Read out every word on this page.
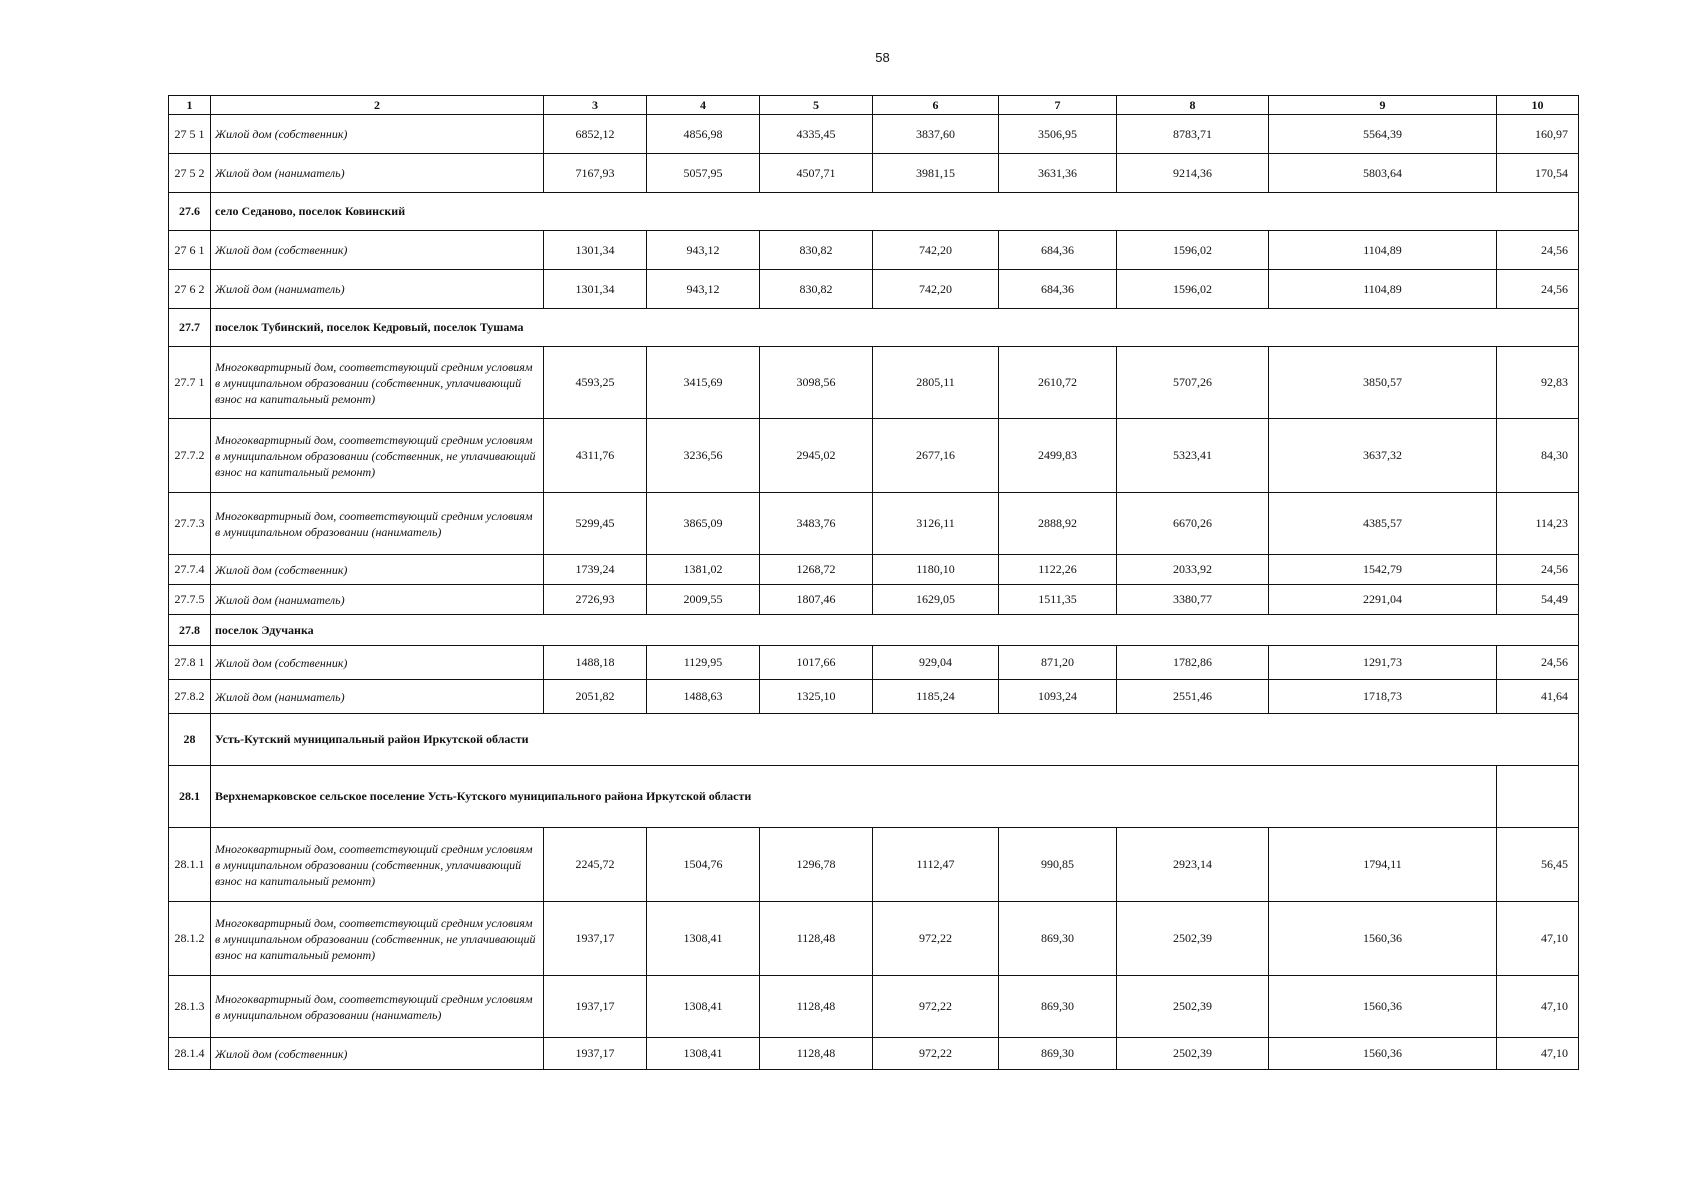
58
1	2	3	4	5	6	7	8	9	10
27 5 1	Жилой дом (собственник)	6852,12	4856,98	4335,45	3837,60	3506,95	8783,71	5564,39	160,97
27 5 2	Жилой дом (наниматель)	7167,93	5057,95	4507,71	3981,15	3631,36	9214,36	5803,64	170,54
27.6	село Седаново, поселок Ковинский								
27 6 1	Жилой дом (собственник)	1301,34	943,12	830,82	742,20	684,36	1596,02	1104,89	24,56
27 6 2	Жилой дом (наниматель)	1301,34	943,12	830,82	742,20	684,36	1596,02	1104,89	24,56
27.7	поселок Тубинский, поселок Кедровый, поселок Тушама								
27.7 1	Многоквартирный дом, соответствующий средним условиям в муниципальном образовании (собственник, уплачивающий взнос на капитальный ремонт)	4593,25	3415,69	3098,56	2805,11	2610,72	5707,26	3850,57	92,83
27.7.2	Многоквартирный дом, соответствующий средним условиям в муниципальном образовании (собственник, не уплачивающий взнос на капитальный ремонт)	4311,76	3236,56	2945,02	2677,16	2499,83	5323,41	3637,32	84,30
27.7.3	Многоквартирный дом, соответствующий средним условиям в муниципальном образовании (наниматель)	5299,45	3865,09	3483,76	3126,11	2888,92	6670,26	4385,57	114,23
27.7.4	Жилой дом (собственник)	1739,24	1381,02	1268,72	1180,10	1122,26	2033,92	1542,79	24,56
27.7.5	Жилой дом (наниматель)	2726,93	2009,55	1807,46	1629,05	1511,35	3380,77	2291,04	54,49
27.8	поселок Эдучанка								
27.8 1	Жилой дом (собственник)	1488,18	1129,95	1017,66	929,04	871,20	1782,86	1291,73	24,56
27.8.2	Жилой дом (наниматель)	2051,82	1488,63	1325,10	1185,24	1093,24	2551,46	1718,73	41,64
28	Усть-Кутский муниципальный район Иркутской области								
28.1	Верхнемарковское сельское поселение Усть-Кутского муниципального района Иркутской области								
28.1.1	Многоквартирный дом, соответствующий средним условиям в муниципальном образовании (собственник, уплачивающий взнос на капитальный ремонт)	2245,72	1504,76	1296,78	1112,47	990,85	2923,14	1794,11	56,45
28.1.2	Многоквартирный дом, соответствующий средним условиям в муниципальном образовании (собственник, не уплачивающий взнос на капитальный ремонт)	1937,17	1308,41	1128,48	972,22	869,30	2502,39	1560,36	47,10
28.1.3	Многоквартирный дом, соответствующий средним условиям в муниципальном образовании (наниматель)	1937,17	1308,41	1128,48	972,22	869,30	2502,39	1560,36	47,10
28.1.4	Жилой дом (собственник)	1937,17	1308,41	1128,48	972,22	869,30	2502,39	1560,36	47,10
